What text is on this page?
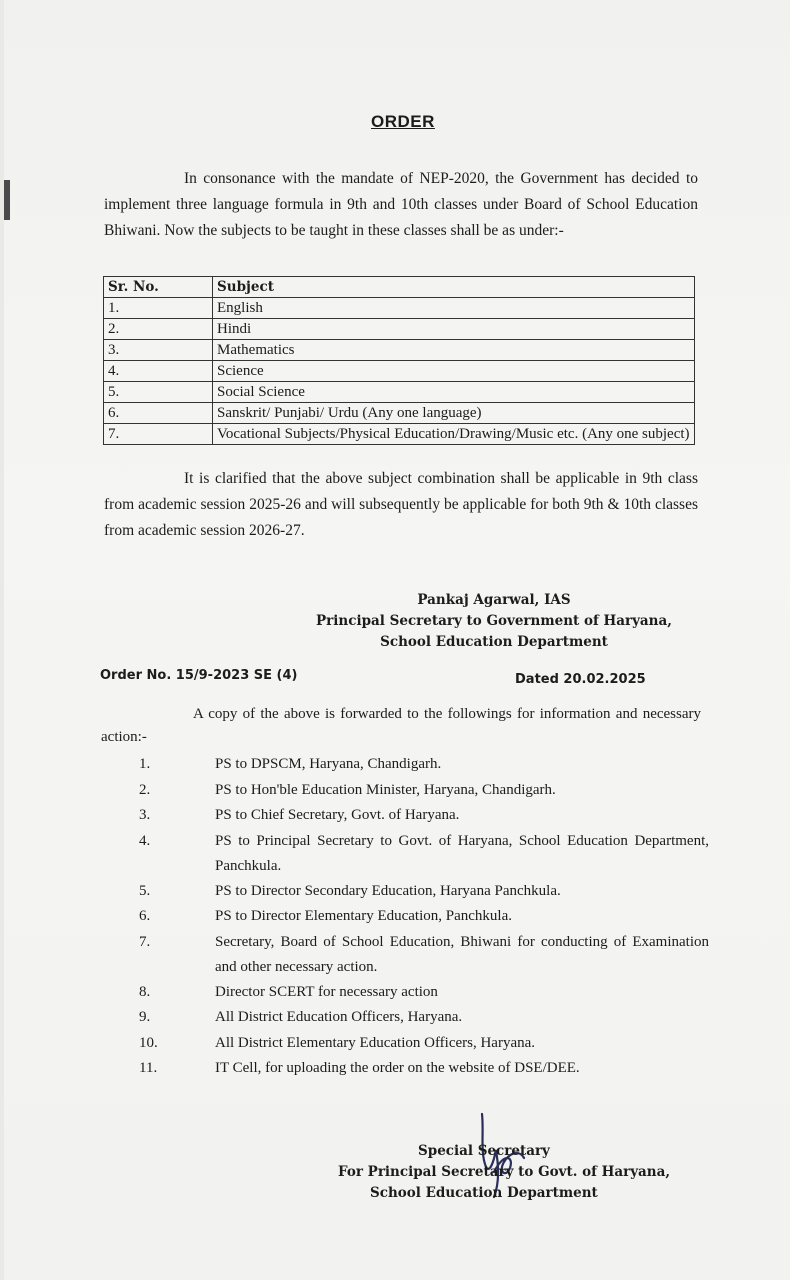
ORDER
In consonance with the mandate of NEP-2020, the Government has decided to implement three language formula in 9th and 10th classes under Board of School Education Bhiwani. Now the subjects to be taught in these classes shall be as under:-
Sr. No.	Subject
1.	English
2.	Hindi
3.	Mathematics
4.	Science
5.	Social Science
6.	Sanskrit/ Punjabi/ Urdu (Any one language)
7.	Vocational Subjects/Physical Education/Drawing/Music etc. (Any one subject)
It is clarified that the above subject combination shall be applicable in 9th class from academic session 2025-26 and will subsequently be applicable for both 9th & 10th classes from academic session 2026-27.
Pankaj Agarwal, IAS
Principal Secretary to Government of Haryana,
School Education Department
Order No. 15/9-2023 SE (4)	Dated 20.02.2025
A copy of the above is forwarded to the followings for information and necessary action:-
1.	PS to DPSCM, Haryana, Chandigarh.
2.	PS to Hon'ble Education Minister, Haryana, Chandigarh.
3.	PS to Chief Secretary, Govt. of Haryana.
4.	PS to Principal Secretary to Govt. of Haryana, School Education Department, Panchkula.
5.	PS to Director Secondary Education, Haryana Panchkula.
6.	PS to Director Elementary Education, Panchkula.
7.	Secretary, Board of School Education, Bhiwani for conducting of Examination and other necessary action.
8.	Director SCERT for necessary action
9.	All District Education Officers, Haryana.
10.	All District Elementary Education Officers, Haryana.
11.	IT Cell, for uploading the order on the website of DSE/DEE.
Special Secretary
For Principal Secretary to Govt. of Haryana,
School Education Department
